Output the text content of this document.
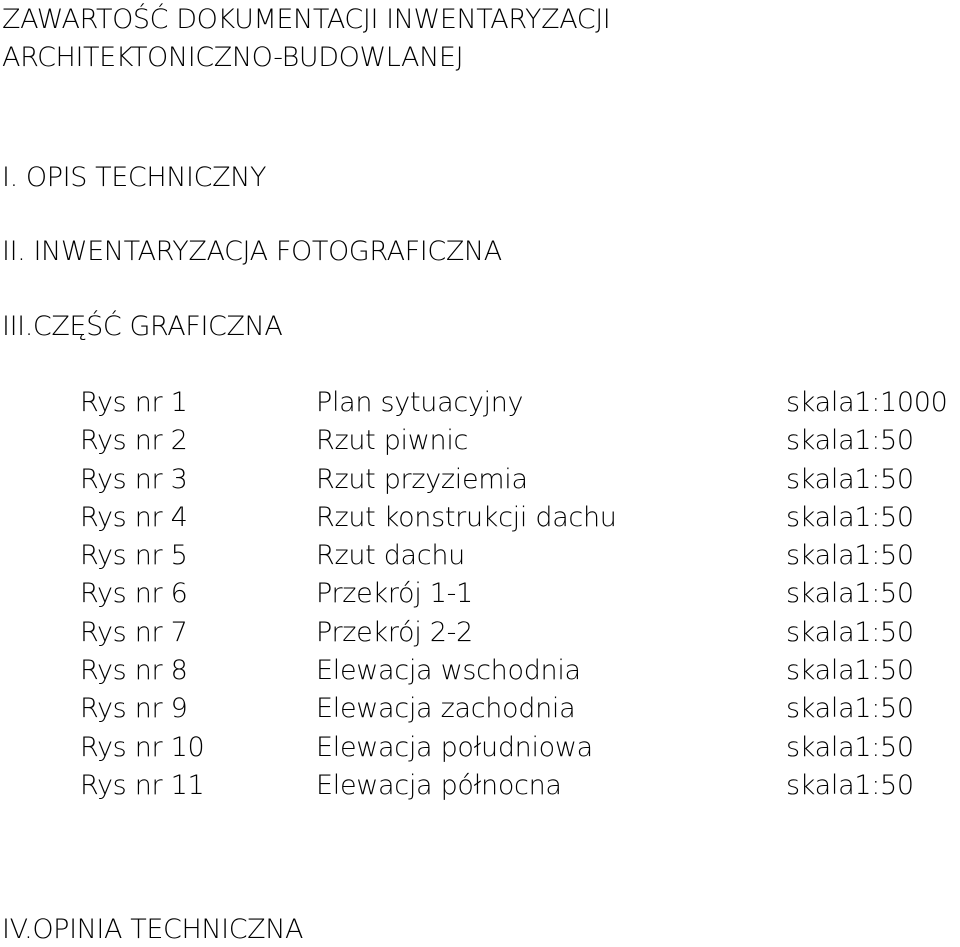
ZAWARTOŚĆ DOKUMENTACJI INWENTARYZACJI
ARCHITEKTONICZNO-BUDOWLANEJ
I. OPIS TECHNICZNY
II. INWENTARYZACJA FOTOGRAFICZNA
III.CZĘŚĆ GRAFICZNA
Rys nr 1	Plan sytuacyjny	skala1:1000
Rys nr 2	Rzut piwnic	skala1:50
Rys nr 3	Rzut przyziemia	skala1:50
Rys nr 4	Rzut konstrukcji dachu	skala1:50
Rys nr 5	Rzut dachu	skala1:50
Rys nr 6	Przekrój 1-1	skala1:50
Rys nr 7	Przekrój 2-2	skala1:50
Rys nr 8	Elewacja wschodnia	skala1:50
Rys nr 9	Elewacja zachodnia	skala1:50
Rys nr 10	Elewacja południowa	skala1:50
Rys nr 11	Elewacja północna	skala1:50
IV.OPINIA TECHNICZNA
